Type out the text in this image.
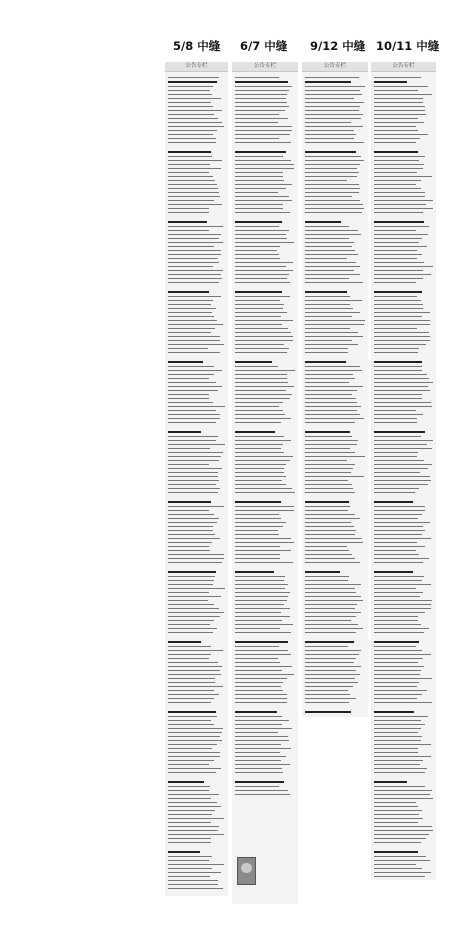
5/8 中缝 6/7 中缝 9/12 中缝 10/11 中缝
公告专栏	公告专栏	公告专栏	公告专栏
